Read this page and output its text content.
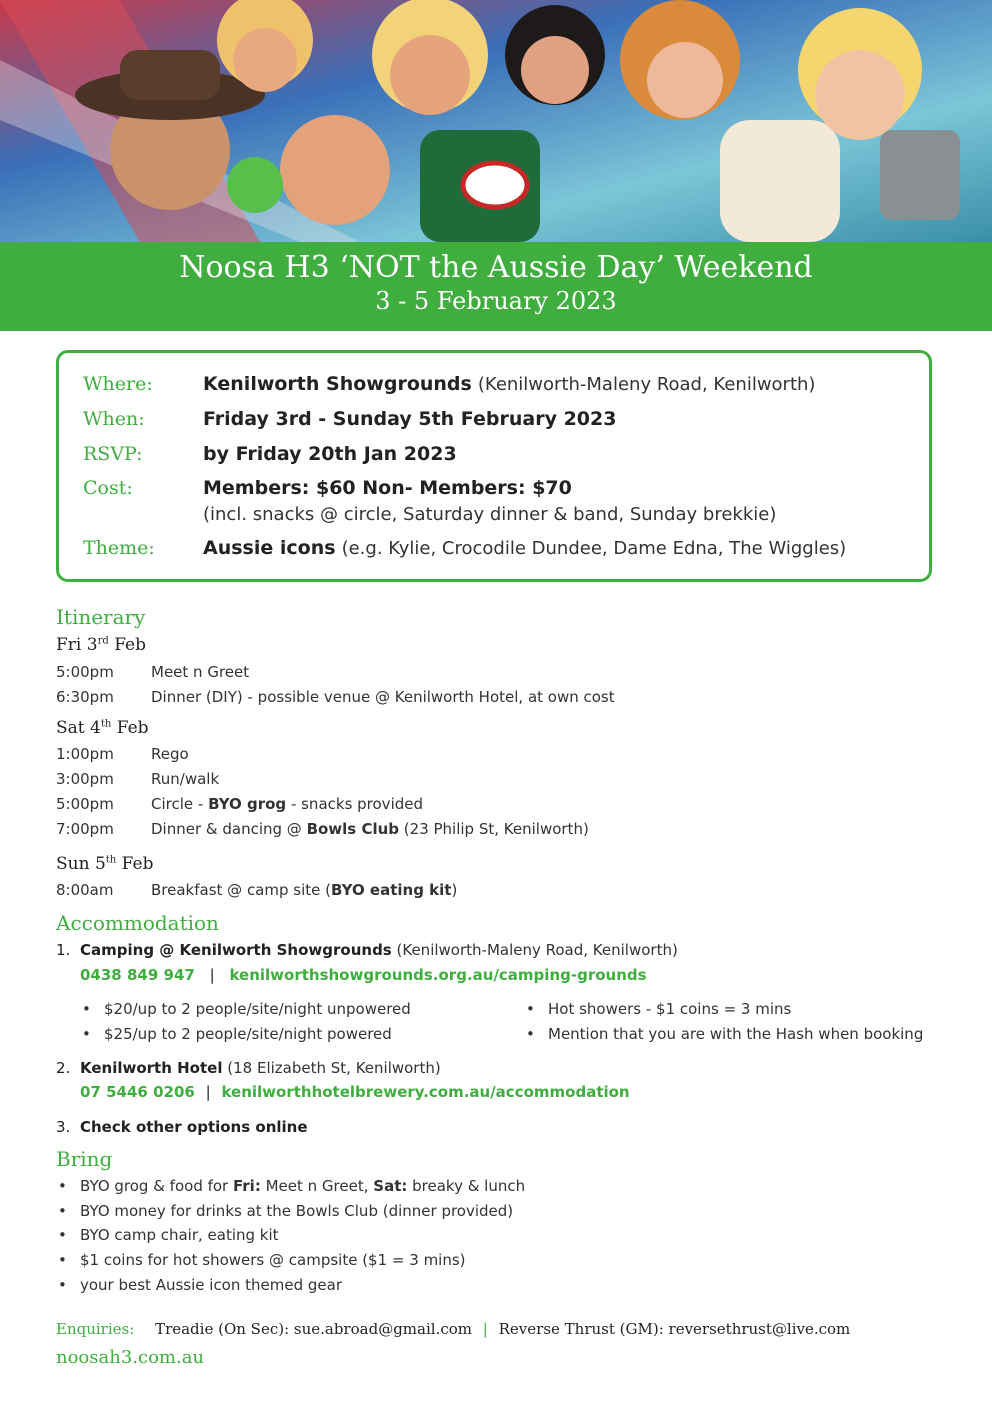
Noosa H3 ‘NOT the Aussie Day’ Weekend
3 - 5 February 2023
Where:	Kenilworth Showgrounds (Kenilworth-Maleny Road, Kenilworth)
When:	Friday 3rd - Sunday 5th February 2023
RSVP:	by Friday 20th Jan 2023
Cost:	Members: $60 Non- Members: $70
(incl. snacks @ circle, Saturday dinner & band, Sunday brekkie)
Theme:	Aussie icons (e.g. Kylie, Crocodile Dundee, Dame Edna, The Wiggles)
Itinerary
Fri 3rd Feb
5:00pm Meet n Greet
6:30pm Dinner (DIY) - possible venue @ Kenilworth Hotel, at own cost
Sat 4th Feb
1:00pm Rego
3:00pm Run/walk
5:00pm Circle - BYO grog - snacks provided
7:00pm Dinner & dancing @ Bowls Club (23 Philip St, Kenilworth)
Sun 5th Feb
8:00am	Breakfast @ camp site (BYO eating kit)
Accommodation
1. Camping @ Kenilworth Showgrounds (Kenilworth-Maleny Road, Kenilworth)
0438 849 947 | kenilworthshowgrounds.org.au/camping-grounds
• $20/up to 2 people/site/night unpowered
• $25/up to 2 people/site/night powered
• Hot showers - $1 coins = 3 mins
• Mention that you are with the Hash when booking
2. Kenilworth Hotel (18 Elizabeth St, Kenilworth)
07 5446 0206 | kenilworthhotelbrewery.com.au/accommodation
3. Check other options online
Bring
• BYO grog & food for Fri: Meet n Greet, Sat: breaky & lunch
• BYO money for drinks at the Bowls Club (dinner provided)
• BYO camp chair, eating kit
• $1 coins for hot showers @ campsite ($1 = 3 mins)
• your best Aussie icon themed gear
Enquiries: Treadie (On Sec): sue.abroad@gmail.com | Reverse Thrust (GM): reversethrust@live.com
noosah3.com.au
